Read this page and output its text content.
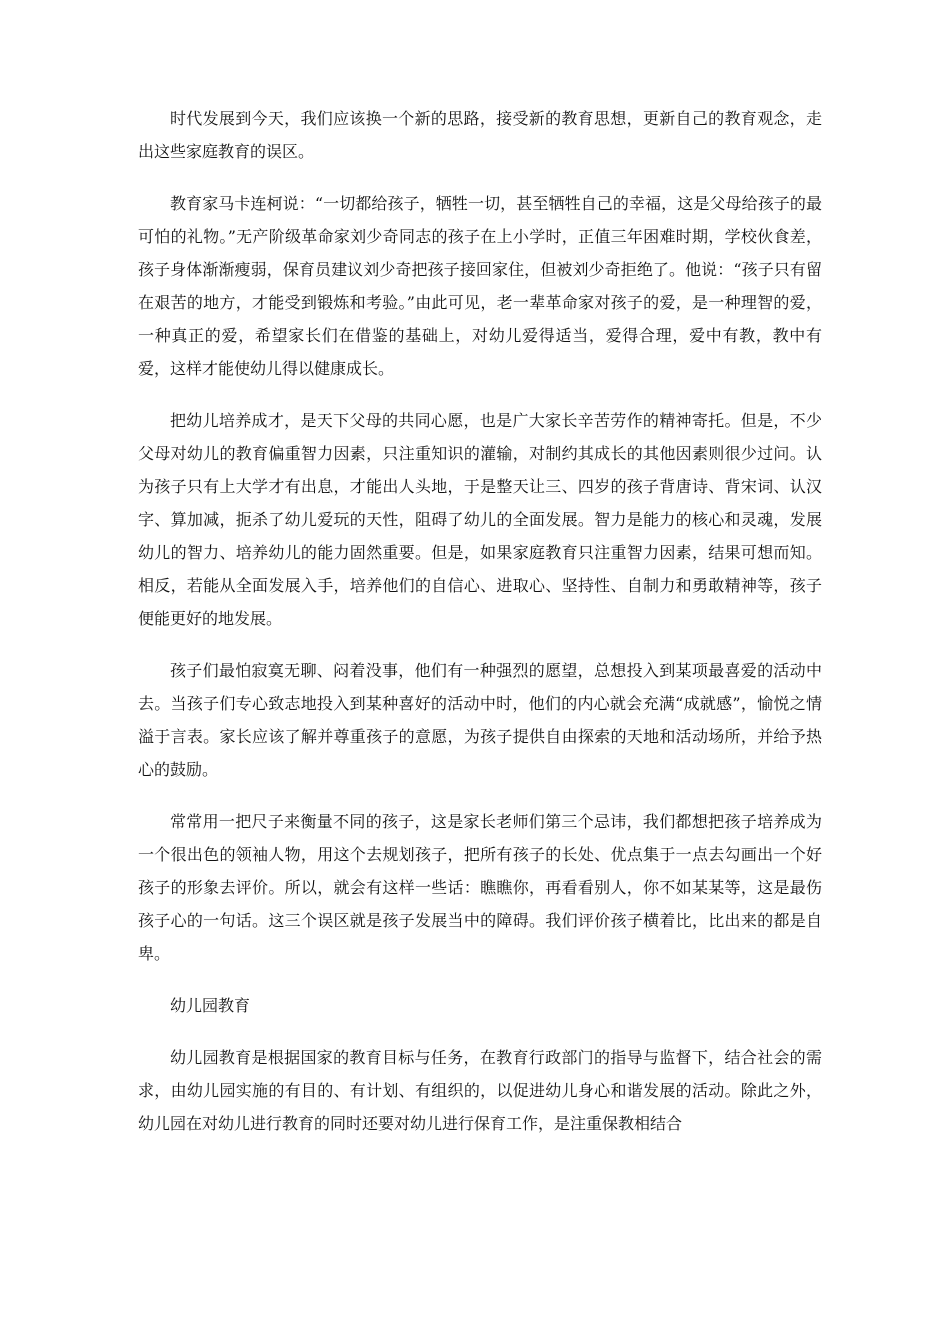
时代发展到今天，我们应该换一个新的思路，接受新的教育思想，更新自己的教育观念，走出这些家庭教育的误区。

教育家马卡连柯说：“一切都给孩子，牺牲一切，甚至牺牲自己的幸福，这是父母给孩子的最可怕的礼物。”无产阶级革命家刘少奇同志的孩子在上小学时，正值三年困难时期，学校伙食差，孩子身体渐渐瘦弱，保育员建议刘少奇把孩子接回家住，但被刘少奇拒绝了。他说：“孩子只有留在艰苦的地方，才能受到锻炼和考验。”由此可见，老一辈革命家对孩子的爱，是一种理智的爱，一种真正的爱，希望家长们在借鉴的基础上，对幼儿爱得适当，爱得合理，爱中有教，教中有爱，这样才能使幼儿得以健康成长。

把幼儿培养成才，是天下父母的共同心愿，也是广大家长辛苦劳作的精神寄托。但是，不少父母对幼儿的教育偏重智力因素，只注重知识的灌输，对制约其成长的其他因素则很少过问。认为孩子只有上大学才有出息，才能出人头地，于是整天让三、四岁的孩子背唐诗、背宋词、认汉字、算加减，扼杀了幼儿爱玩的天性，阻碍了幼儿的全面发展。智力是能力的核心和灵魂，发展幼儿的智力、培养幼儿的能力固然重要。但是，如果家庭教育只注重智力因素，结果可想而知。相反，若能从全面发展入手，培养他们的自信心、进取心、坚持性、自制力和勇敢精神等，孩子便能更好的地发展。

孩子们最怕寂寞无聊、闷着没事，他们有一种强烈的愿望，总想投入到某项最喜爱的活动中去。当孩子们专心致志地投入到某种喜好的活动中时，他们的内心就会充满“成就感”，愉悦之情溢于言表。家长应该了解并尊重孩子的意愿，为孩子提供自由探索的天地和活动场所，并给予热心的鼓励。

常常用一把尺子来衡量不同的孩子，这是家长老师们第三个忌讳，我们都想把孩子培养成为一个很出色的领袖人物，用这个去规划孩子，把所有孩子的长处、优点集于一点去勾画出一个好孩子的形象去评价。所以，就会有这样一些话：瞧瞧你，再看看别人，你不如某某等，这是最伤孩子心的一句话。这三个误区就是孩子发展当中的障碍。我们评价孩子横着比，比出来的都是自卑。

幼儿园教育

幼儿园教育是根据国家的教育目标与任务，在教育行政部门的指导与监督下，结合社会的需求，由幼儿园实施的有目的、有计划、有组织的，以促进幼儿身心和谐发展的活动。除此之外，幼儿园在对幼儿进行教育的同时还要对幼儿进行保育工作，是注重保教相结合
